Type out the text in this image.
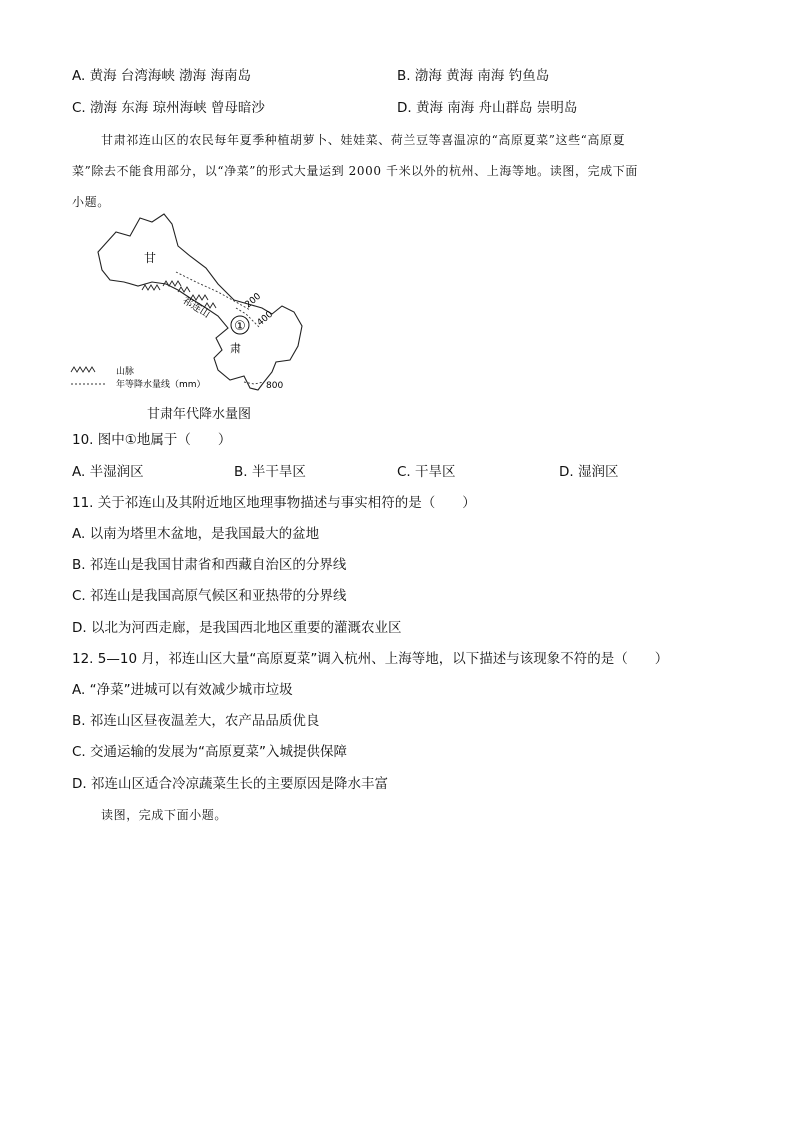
A. 黄海 台湾海峡 渤海 海南岛	B. 渤海 黄海 南海 钓鱼岛
C. 渤海 东海 琼州海峡 曾母暗沙	D. 黄海 南海 舟山群岛 崇明岛
甘肃祁连山区的农民每年夏季种植胡萝卜、娃娃菜、荷兰豆等喜温凉的“高原夏菜”这些“高原夏
菜”除去不能食用部分，以“净菜”的形式大量运到 2000 千米以外的杭州、上海等地。读图，完成下面
小题。
①
甘
肃
祁连山	200
400
800
山脉
年等降水量线（mm）
甘肃年代降水量图
10. 图中①地属于（　　）
A. 半湿润区	B. 半干旱区	C. 干旱区	D. 湿润区
11. 关于祁连山及其附近地区地理事物描述与事实相符的是（　　）
A. 以南为塔里木盆地，是我国最大的盆地
B. 祁连山是我国甘肃省和西藏自治区的分界线
C. 祁连山是我国高原气候区和亚热带的分界线
D. 以北为河西走廊，是我国西北地区重要的灌溉农业区
12. 5—10 月，祁连山区大量“高原夏菜”调入杭州、上海等地，以下描述与该现象不符的是（　　）
A. “净菜”进城可以有效减少城市垃圾
B. 祁连山区昼夜温差大，农产品品质优良
C. 交通运输的发展为“高原夏菜”入城提供保障
D. 祁连山区适合冷凉蔬菜生长的主要原因是降水丰富
读图，完成下面小题。
